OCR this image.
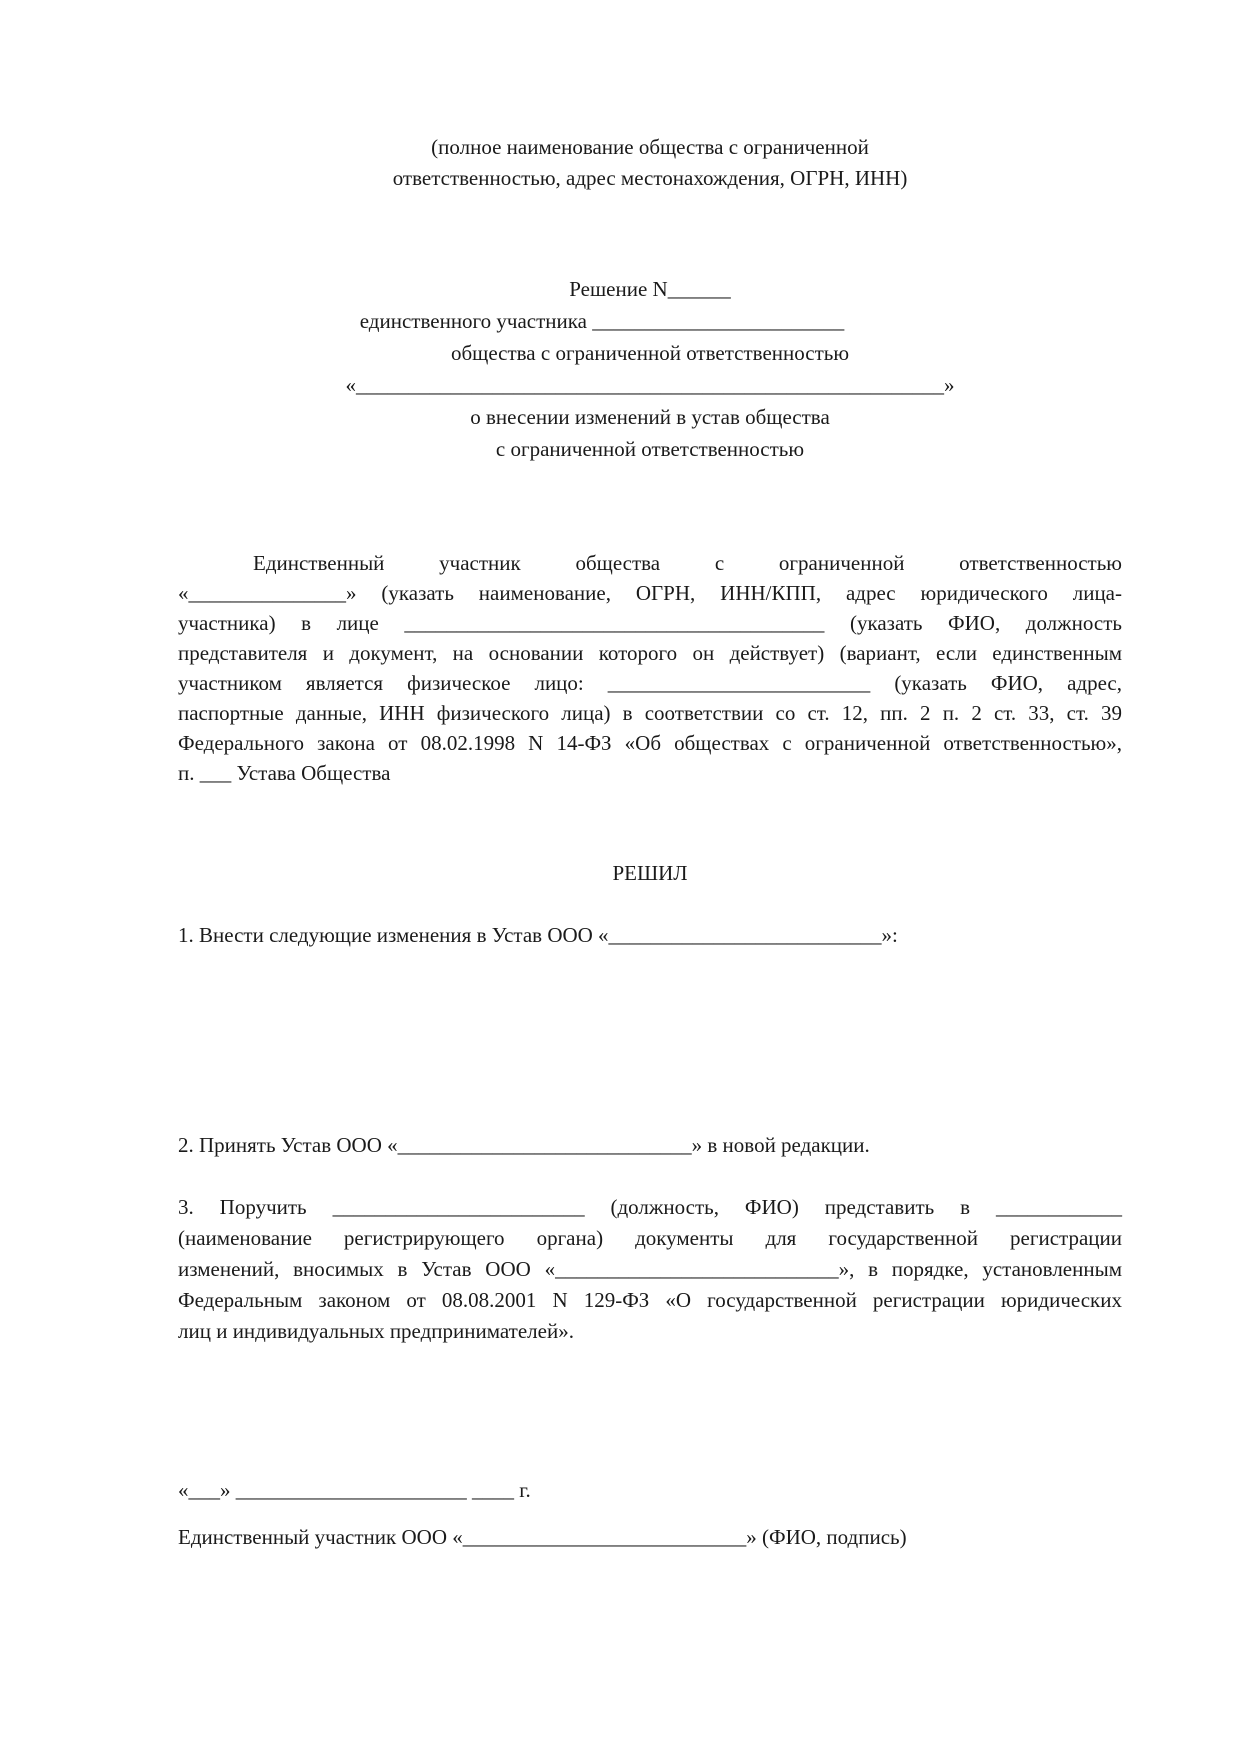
(полное наименование общества с ограниченной
ответственностью, адрес местонахождения, ОГРН, ИНН)
Решение N______
единственного участника ________________________
общества с ограниченной ответственностью
«________________________________________________________»
о внесении изменений в устав общества
с ограниченной ответственностью
Единственный участник общества с ограниченной ответственностью
«_______________» (указать наименование, ОГРН, ИНН/КПП, адрес юридического лица-
участника) в лице ________________________________________ (указать ФИО, должность
представителя и документ, на основании которого он действует) (вариант, если единственным
участником является физическое лицо: _________________________ (указать ФИО, адрес,
паспортные данные, ИНН физического лица) в соответствии со ст. 12, пп. 2 п. 2 ст. 33, ст. 39
Федерального закона от 08.02.1998 N 14-ФЗ «Об обществах с ограниченной ответственностью»,
п. ___ Устава Общества
РЕШИЛ
1. Внести следующие изменения в Устав ООО «__________________________»:
2. Принять Устав ООО «____________________________» в новой редакции.
3. Поручить ________________________ (должность, ФИО) представить в ____________
(наименование регистрирующего органа) документы для государственной регистрации
изменений, вносимых в Устав ООО «___________________________», в порядке, установленным
Федеральным законом от 08.08.2001 N 129-ФЗ «О государственной регистрации юридических
лиц и индивидуальных предпринимателей».
«___» ______________________ ____ г.
Единственный участник ООО «___________________________» (ФИО, подпись)
